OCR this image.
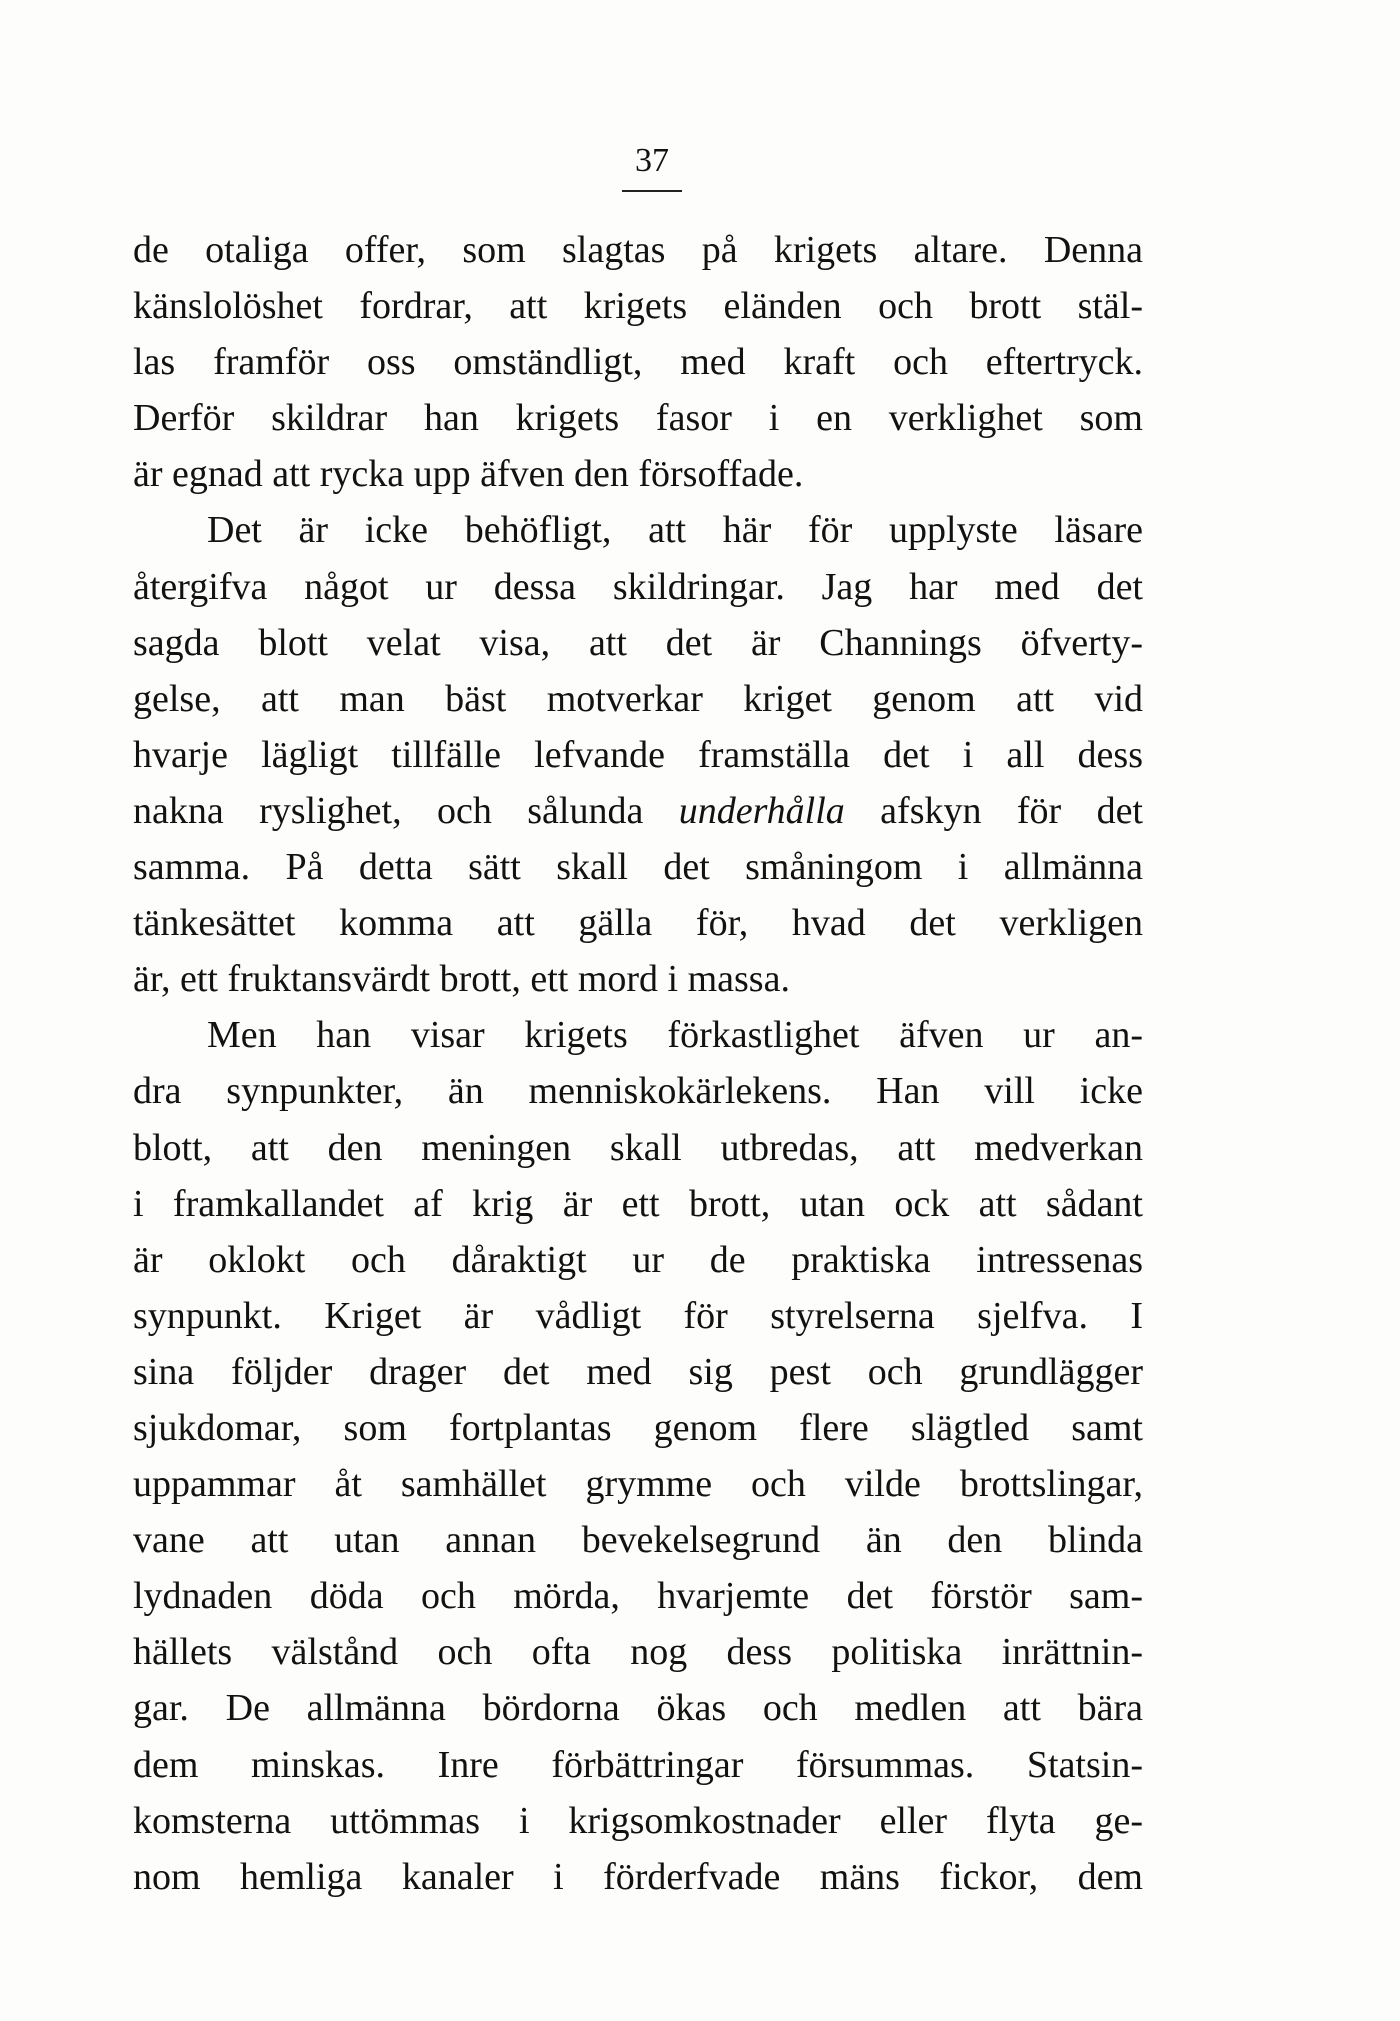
37
de otaliga offer, som slagtas på krigets altare. Denna
känslolöshet fordrar, att krigets eländen och brott stäl-
las framför oss omständligt, med kraft och eftertryck.
Derför skildrar han krigets fasor i en verklighet som
är egnad att rycka upp äfven den försoffade.
Det är icke behöfligt, att här för upplyste läsare
återgifva något ur dessa skildringar. Jag har med det
sagda blott velat visa, att det är Channings öfverty-
gelse, att man bäst motverkar kriget genom att vid
hvarje lägligt tillfälle lefvande framställa det i all dess
nakna ryslighet, och sålunda underhålla afskyn för det
samma. På detta sätt skall det småningom i allmänna
tänkesättet komma att gälla för, hvad det verkligen
är, ett fruktansvärdt brott, ett mord i massa.
Men han visar krigets förkastlighet äfven ur an-
dra synpunkter, än menniskokärlekens. Han vill icke
blott, att den meningen skall utbredas, att medverkan
i framkallandet af krig är ett brott, utan ock att sådant
är oklokt och dåraktigt ur de praktiska intressenas
synpunkt. Kriget är vådligt för styrelserna sjelfva. I
sina följder drager det med sig pest och grundlägger
sjukdomar, som fortplantas genom flere slägtled samt
uppammar åt samhället grymme och vilde brottslingar,
vane att utan annan bevekelsegrund än den blinda
lydnaden döda och mörda, hvarjemte det förstör sam-
hällets välstånd och ofta nog dess politiska inrättnin-
gar. De allmänna bördorna ökas och medlen att bära
dem minskas. Inre förbättringar försummas. Statsin-
komsterna uttömmas i krigsomkostnader eller flyta ge-
nom hemliga kanaler i förderfvade mäns fickor, dem
